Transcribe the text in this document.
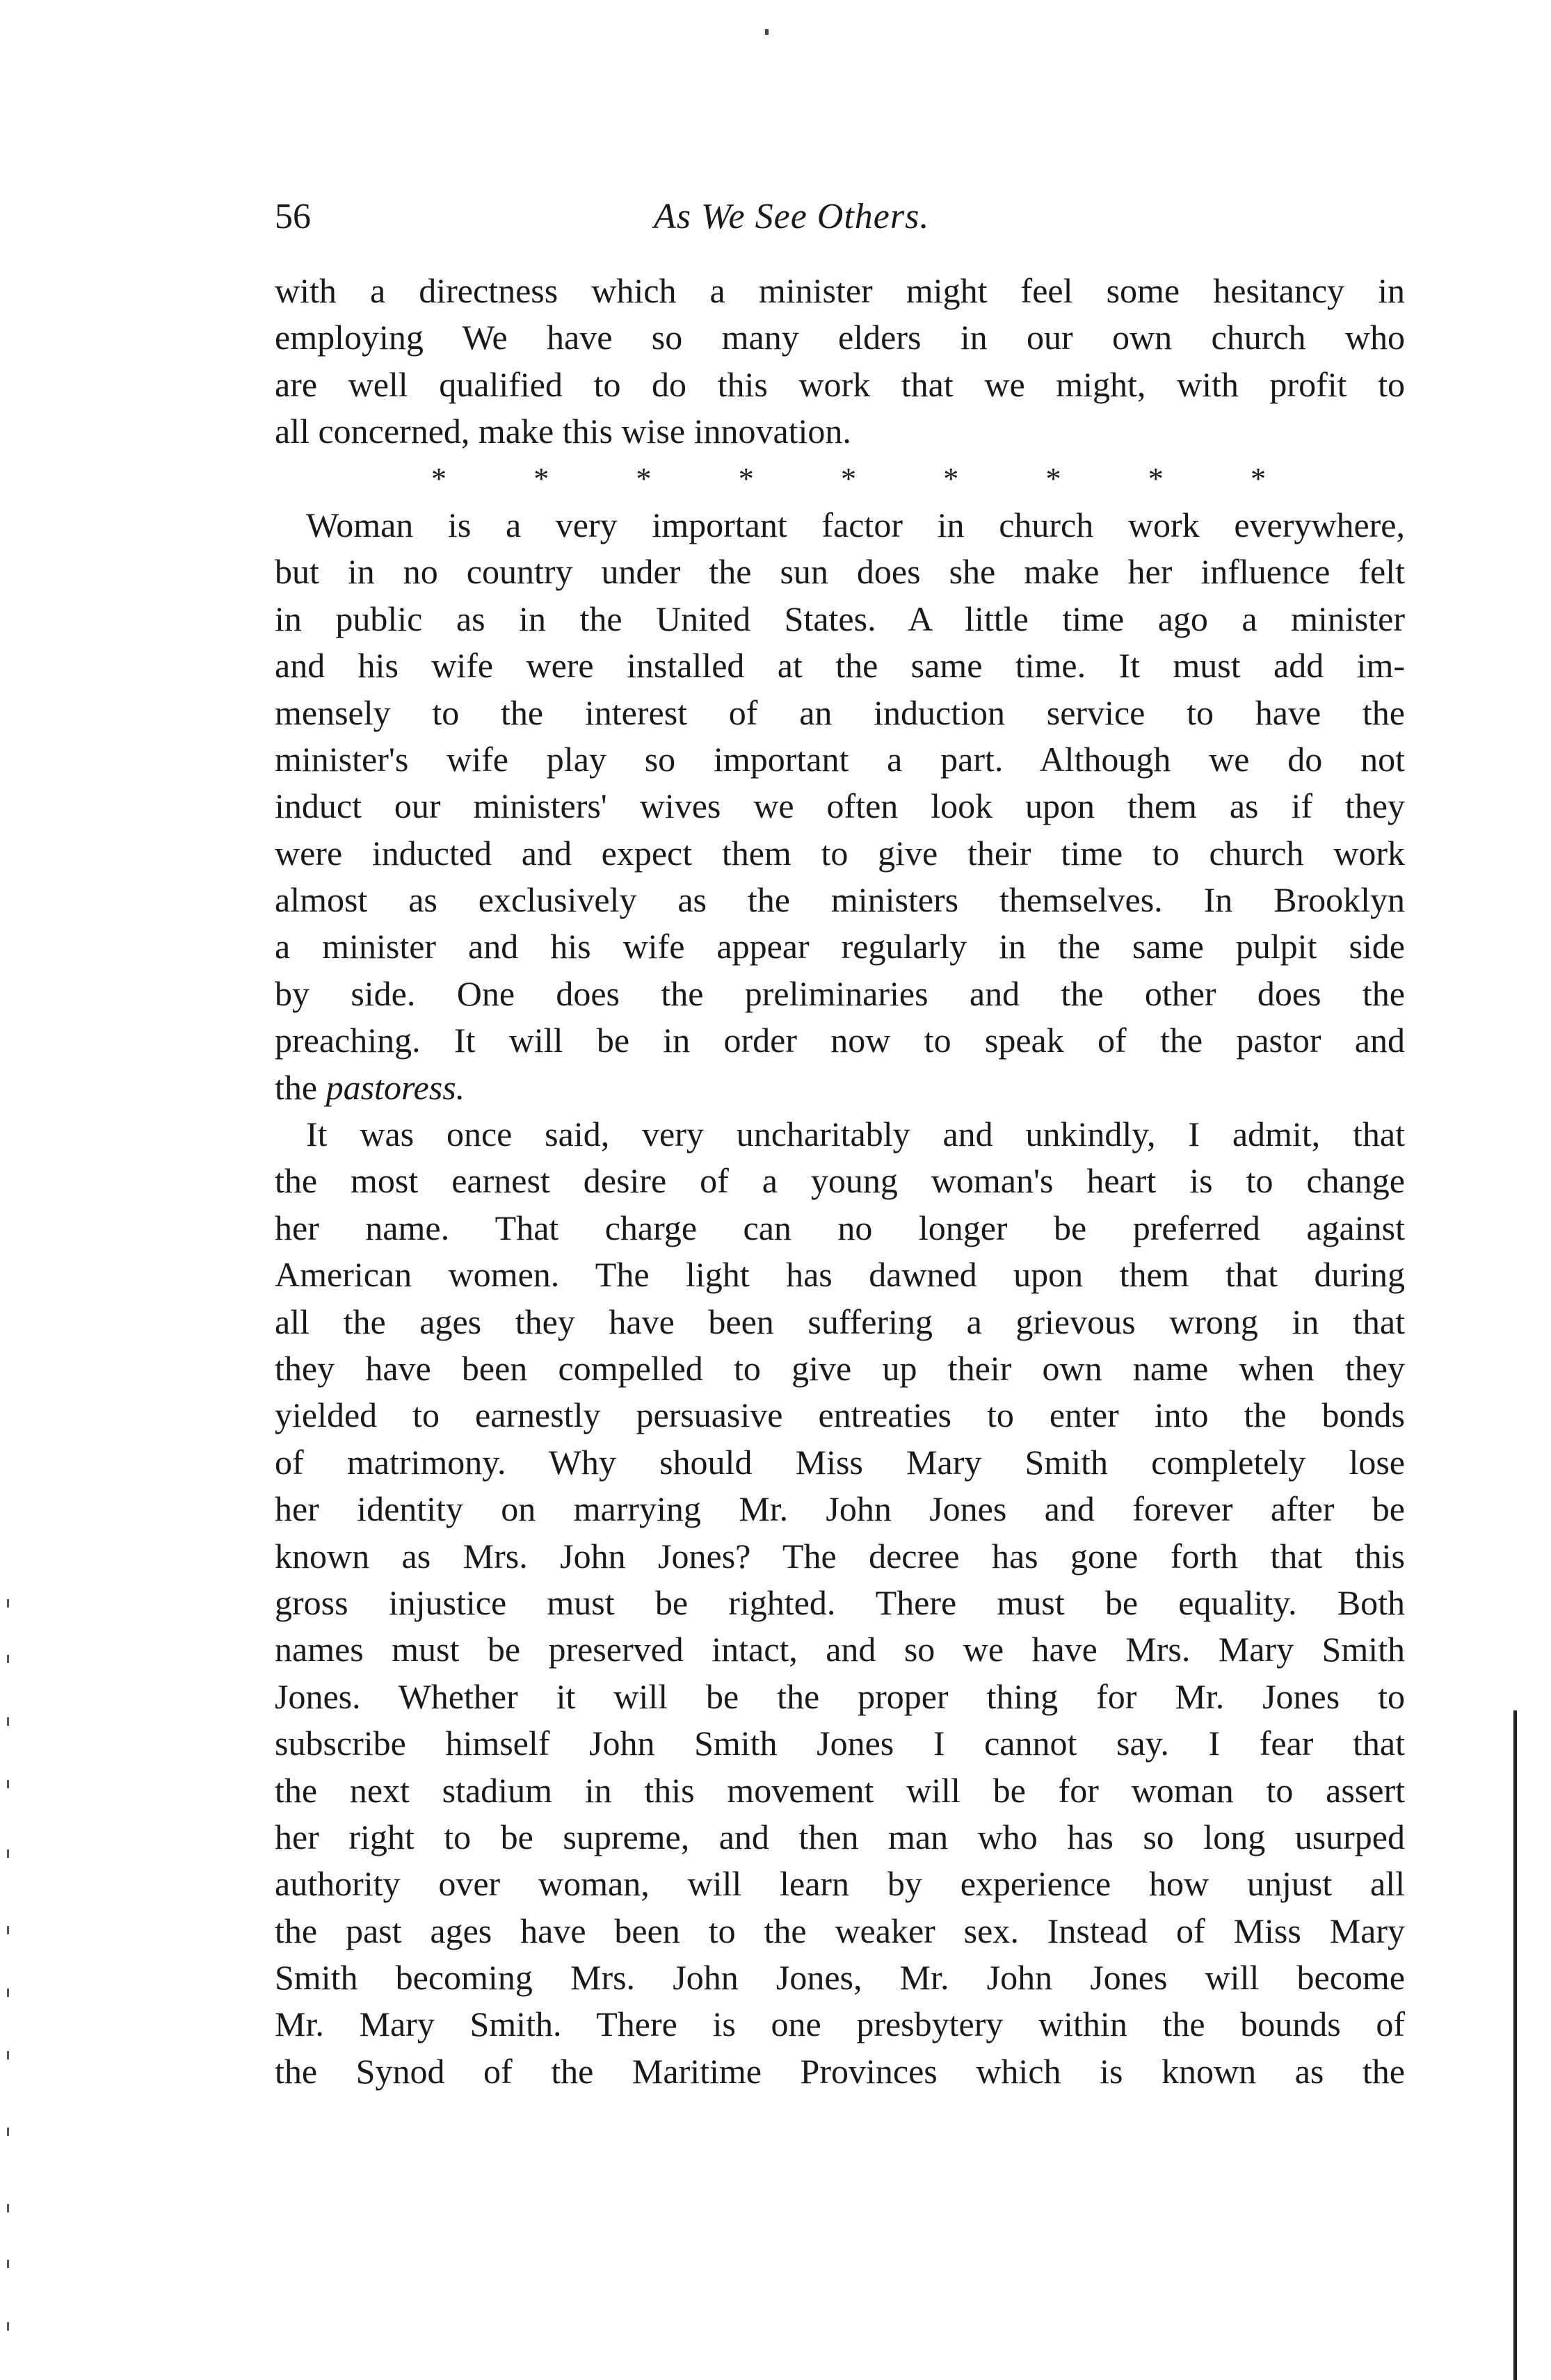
56	As We See Others.
with a directness which a minister might feel some hesitancy in
employing We have so many elders in our own church who
are well qualified to do this work that we might, with profit to
all concerned, make this wise innovation.
*	*	*	*	*	*	*	*	*
Woman is a very important factor in church work everywhere,
but in no country under the sun does she make her influence felt
in public as in the United States. A little time ago a minister
and his wife were installed at the same time. It must add im-
mensely to the interest of an induction service to have the
minister's wife play so important a part. Although we do not
induct our ministers' wives we often look upon them as if they
were inducted and expect them to give their time to church work
almost as exclusively as the ministers themselves. In Brooklyn
a minister and his wife appear regularly in the same pulpit side
by side. One does the preliminaries and the other does the
preaching. It will be in order now to speak of the pastor and
the pastoress.
It was once said, very uncharitably and unkindly, I admit, that
the most earnest desire of a young woman's heart is to change
her name. That charge can no longer be preferred against
American women. The light has dawned upon them that during
all the ages they have been suffering a grievous wrong in that
they have been compelled to give up their own name when they
yielded to earnestly persuasive entreaties to enter into the bonds
of matrimony. Why should Miss Mary Smith completely lose
her identity on marrying Mr. John Jones and forever after be
known as Mrs. John Jones? The decree has gone forth that this
gross injustice must be righted. There must be equality. Both
names must be preserved intact, and so we have Mrs. Mary Smith
Jones. Whether it will be the proper thing for Mr. Jones to
subscribe himself John Smith Jones I cannot say. I fear that
the next stadium in this movement will be for woman to assert
her right to be supreme, and then man who has so long usurped
authority over woman, will learn by experience how unjust all
the past ages have been to the weaker sex. Instead of Miss Mary
Smith becoming Mrs. John Jones, Mr. John Jones will become
Mr. Mary Smith. There is one presbytery within the bounds of
the Synod of the Maritime Provinces which is known as the
